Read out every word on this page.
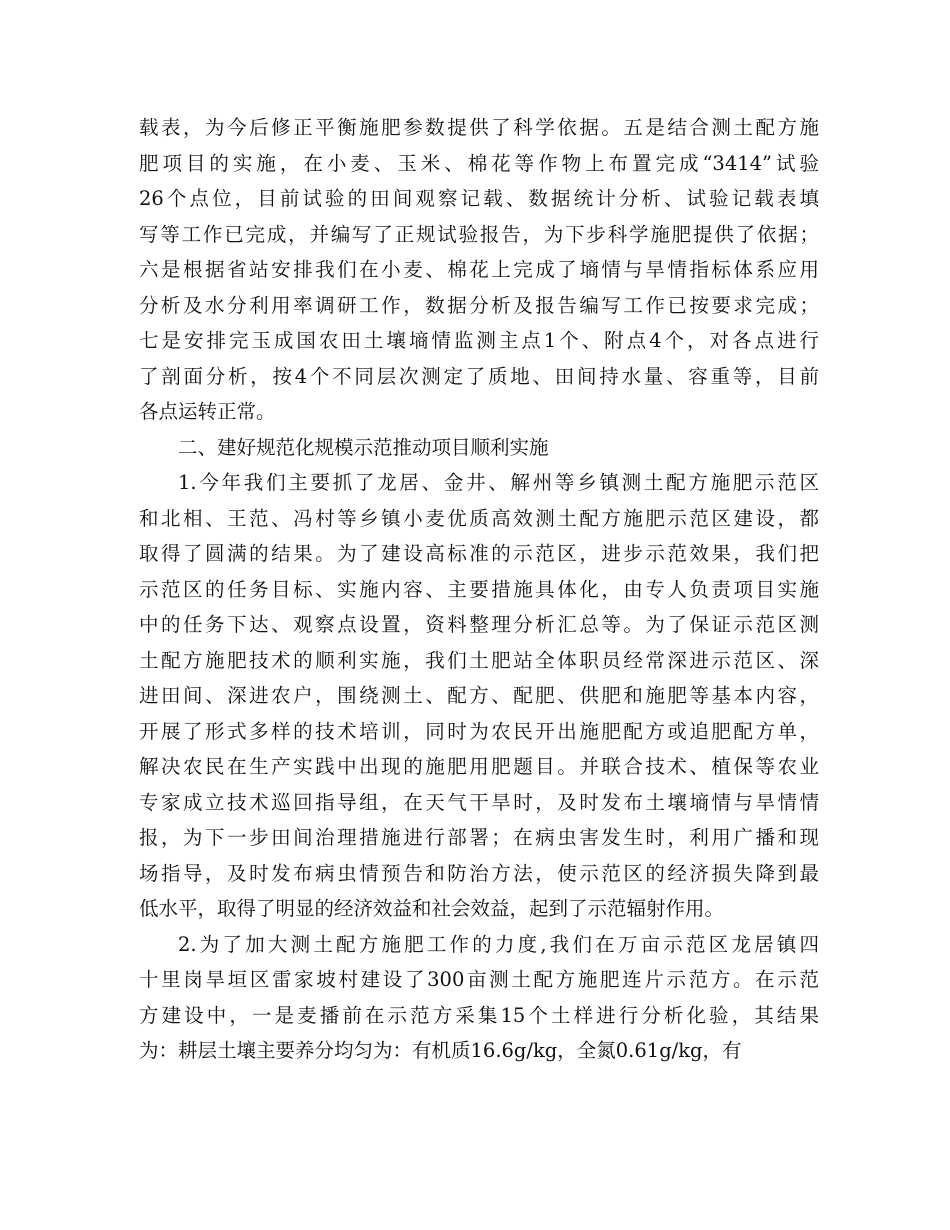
载表，为今后修正平衡施肥参数提供了科学依据。五是结合测土配方施
肥项目的实施，在小麦、玉米、棉花等作物上布置完成“3414”试验
26个点位，目前试验的田间观察记载、数据统计分析、试验记载表填
写等工作已完成，并编写了正规试验报告，为下步科学施肥提供了依据；
六是根据省站安排我们在小麦、棉花上完成了墒情与旱情指标体系应用
分析及水分利用率调研工作，数据分析及报告编写工作已按要求完成；
七是安排完玉成国农田土壤墒情监测主点1个、附点4个，对各点进行
了剖面分析，按4个不同层次测定了质地、田间持水量、容重等，目前
各点运转正常。
二、建好规范化规模示范推动项目顺利实施
1.今年我们主要抓了龙居、金井、解州等乡镇测土配方施肥示范区
和北相、王范、冯村等乡镇小麦优质高效测土配方施肥示范区建设，都
取得了圆满的结果。为了建设高标准的示范区，进步示范效果，我们把
示范区的任务目标、实施内容、主要措施具体化，由专人负责项目实施
中的任务下达、观察点设置，资料整理分析汇总等。为了保证示范区测
土配方施肥技术的顺利实施，我们土肥站全体职员经常深进示范区、深
进田间、深进农户，围绕测土、配方、配肥、供肥和施肥等基本内容，
开展了形式多样的技术培训，同时为农民开出施肥配方或追肥配方单，
解决农民在生产实践中出现的施肥用肥题目。并联合技术、植保等农业
专家成立技术巡回指导组，在天气干旱时，及时发布土壤墒情与旱情情
报，为下一步田间治理措施进行部署；在病虫害发生时，利用广播和现
场指导，及时发布病虫情预告和防治方法，使示范区的经济损失降到最
低水平，取得了明显的经济效益和社会效益，起到了示范辐射作用。
2.为了加大测土配方施肥工作的力度,我们在万亩示范区龙居镇四
十里岗旱垣区雷家坡村建设了300亩测土配方施肥连片示范方。在示范
方建设中，一是麦播前在示范方采集15个土样进行分析化验，其结果
为：耕层土壤主要养分均匀为：有机质16.6g/kg，全氮0.61g/kg，有
